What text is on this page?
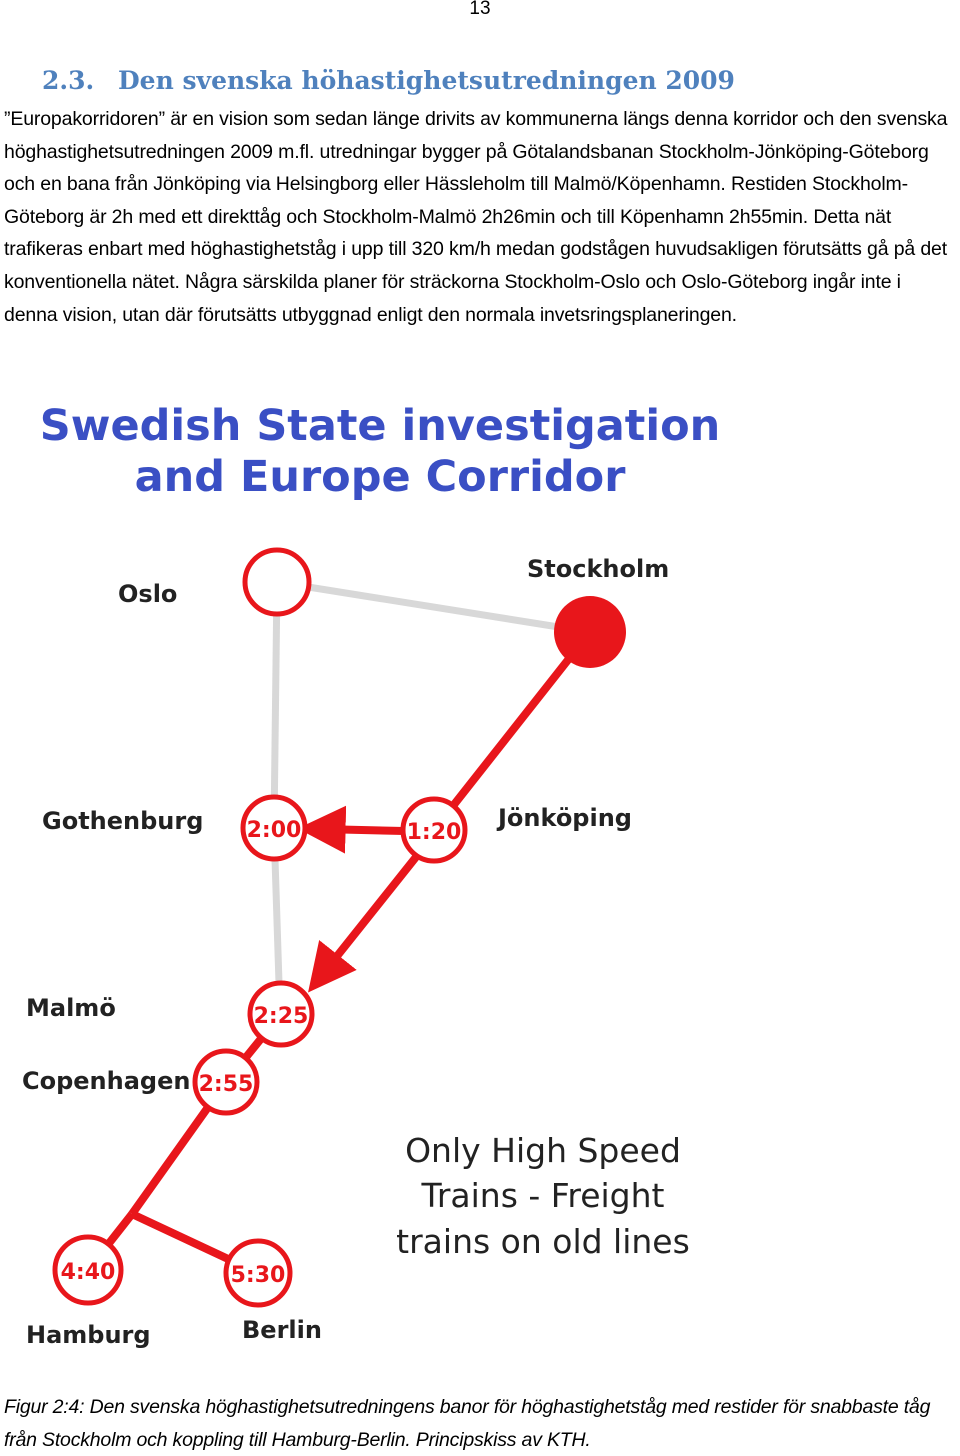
13
2.3. Den svenska höhastighetsutredningen 2009

”Europakorridoren” är en vision som sedan länge drivits av kommunerna längs denna korridor och den svenska höghastighetsutredningen 2009 m.fl. utredningar bygger på Götalandsbanan Stockholm-Jönköping-Göteborg och en bana från Jönköping via Helsingborg eller Hässleholm till Malmö/Köpenhamn. Restiden Stockholm-Göteborg är 2h med ett direkttåg och Stockholm-Malmö 2h26min och till Köpenhamn 2h55min. Detta nät trafikeras enbart med höghastighetståg i upp till 320 km/h medan godstågen huvudsakligen förutsätts gå på det konventionella nätet. Några särskilda planer för sträckorna Stockholm-Oslo och Oslo-Göteborg ingår inte i denna vision, utan där förutsätts utbyggnad enligt den normala invetsringsplaneringen.

Swedish State investigation
and Europe Corridor
Oslo
Stockholm
2:00
Gothenburg	1:20
Jönköping
2:25
Malmö
2:55
Copenhagen
4:40
Hamburg
5:30
Berlin
Only High Speed
Trains - Freight
trains on old lines

Figur 2:4: Den svenska höghastighetsutredningens banor för höghastighetståg med restider för snabbaste tåg från Stockholm och koppling till Hamburg-Berlin. Principskiss av KTH.
